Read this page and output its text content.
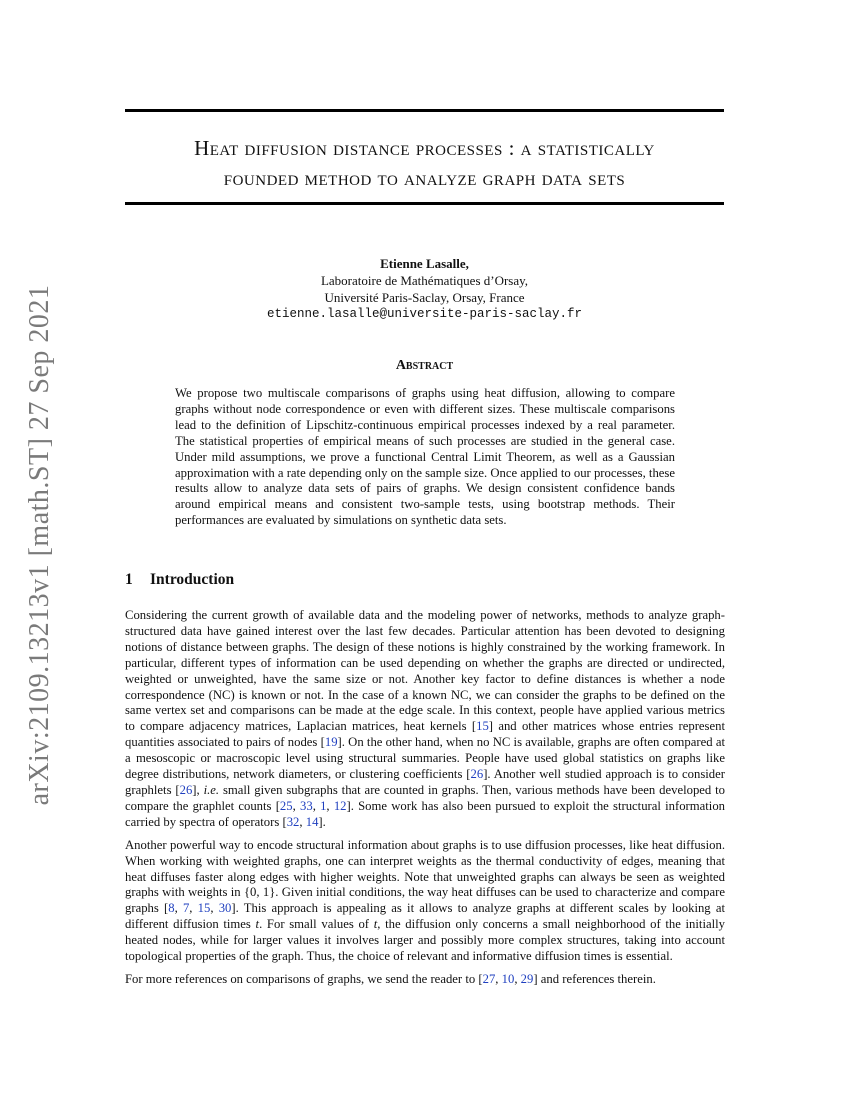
arXiv:2109.13213v1 [math.ST] 27 Sep 2021
Heat diffusion distance processes : a statistically
founded method to analyze graph data sets
Etienne Lasalle,
Laboratoire de Mathématiques d’Orsay,
Université Paris-Saclay, Orsay, France
etienne.lasalle@universite-paris-saclay.fr
Abstract
We propose two multiscale comparisons of graphs using heat diffusion, allowing to compare graphs without node correspondence or even with different sizes. These multiscale comparisons lead to the definition of Lipschitz-continuous empirical processes indexed by a real parameter. The statistical properties of empirical means of such processes are studied in the general case. Under mild assumptions, we prove a functional Central Limit Theorem, as well as a Gaussian approximation with a rate depending only on the sample size. Once applied to our processes, these results allow to analyze data sets of pairs of graphs. We design consistent confidence bands around empirical means and consistent two-sample tests, using bootstrap methods. Their performances are evaluated by simulations on synthetic data sets.
1 Introduction

Considering the current growth of available data and the modeling power of networks, methods to analyze graph-structured data have gained interest over the last few decades. Particular attention has been devoted to designing notions of distance between graphs. The design of these notions is highly constrained by the working framework. In particular, different types of information can be used depending on whether the graphs are directed or undirected, weighted or unweighted, have the same size or not. Another key factor to define distances is whether a node correspondence (NC) is known or not. In the case of a known NC, we can consider the graphs to be defined on the same vertex set and comparisons can be made at the edge scale. In this context, people have applied various metrics to compare adjacency matrices, Laplacian matrices, heat kernels [15] and other matrices whose entries represent quantities associated to pairs of nodes [19]. On the other hand, when no NC is available, graphs are often compared at a mesoscopic or macroscopic level using structural summaries. People have used global statistics on graphs like degree distributions, network diameters, or clustering coefficients [26]. Another well studied approach is to consider graphlets [26], i.e. small given subgraphs that are counted in graphs. Then, various methods have been developed to compare the graphlet counts [25, 33, 1, 12]. Some work has also been pursued to exploit the structural information carried by spectra of operators [32, 14].

Another powerful way to encode structural information about graphs is to use diffusion processes, like heat diffusion. When working with weighted graphs, one can interpret weights as the thermal conductivity of edges, meaning that heat diffuses faster along edges with higher weights. Note that unweighted graphs can always be seen as weighted graphs with weights in {0, 1}. Given initial conditions, the way heat diffuses can be used to characterize and compare graphs [8, 7, 15, 30]. This approach is appealing as it allows to analyze graphs at different scales by looking at different diffusion times t. For small values of t, the diffusion only concerns a small neighborhood of the initially heated nodes, while for larger values it involves larger and possibly more complex structures, taking into account topological properties of the graph. Thus, the choice of relevant and informative diffusion times is essential.

For more references on comparisons of graphs, we send the reader to [27, 10, 29] and references therein.
